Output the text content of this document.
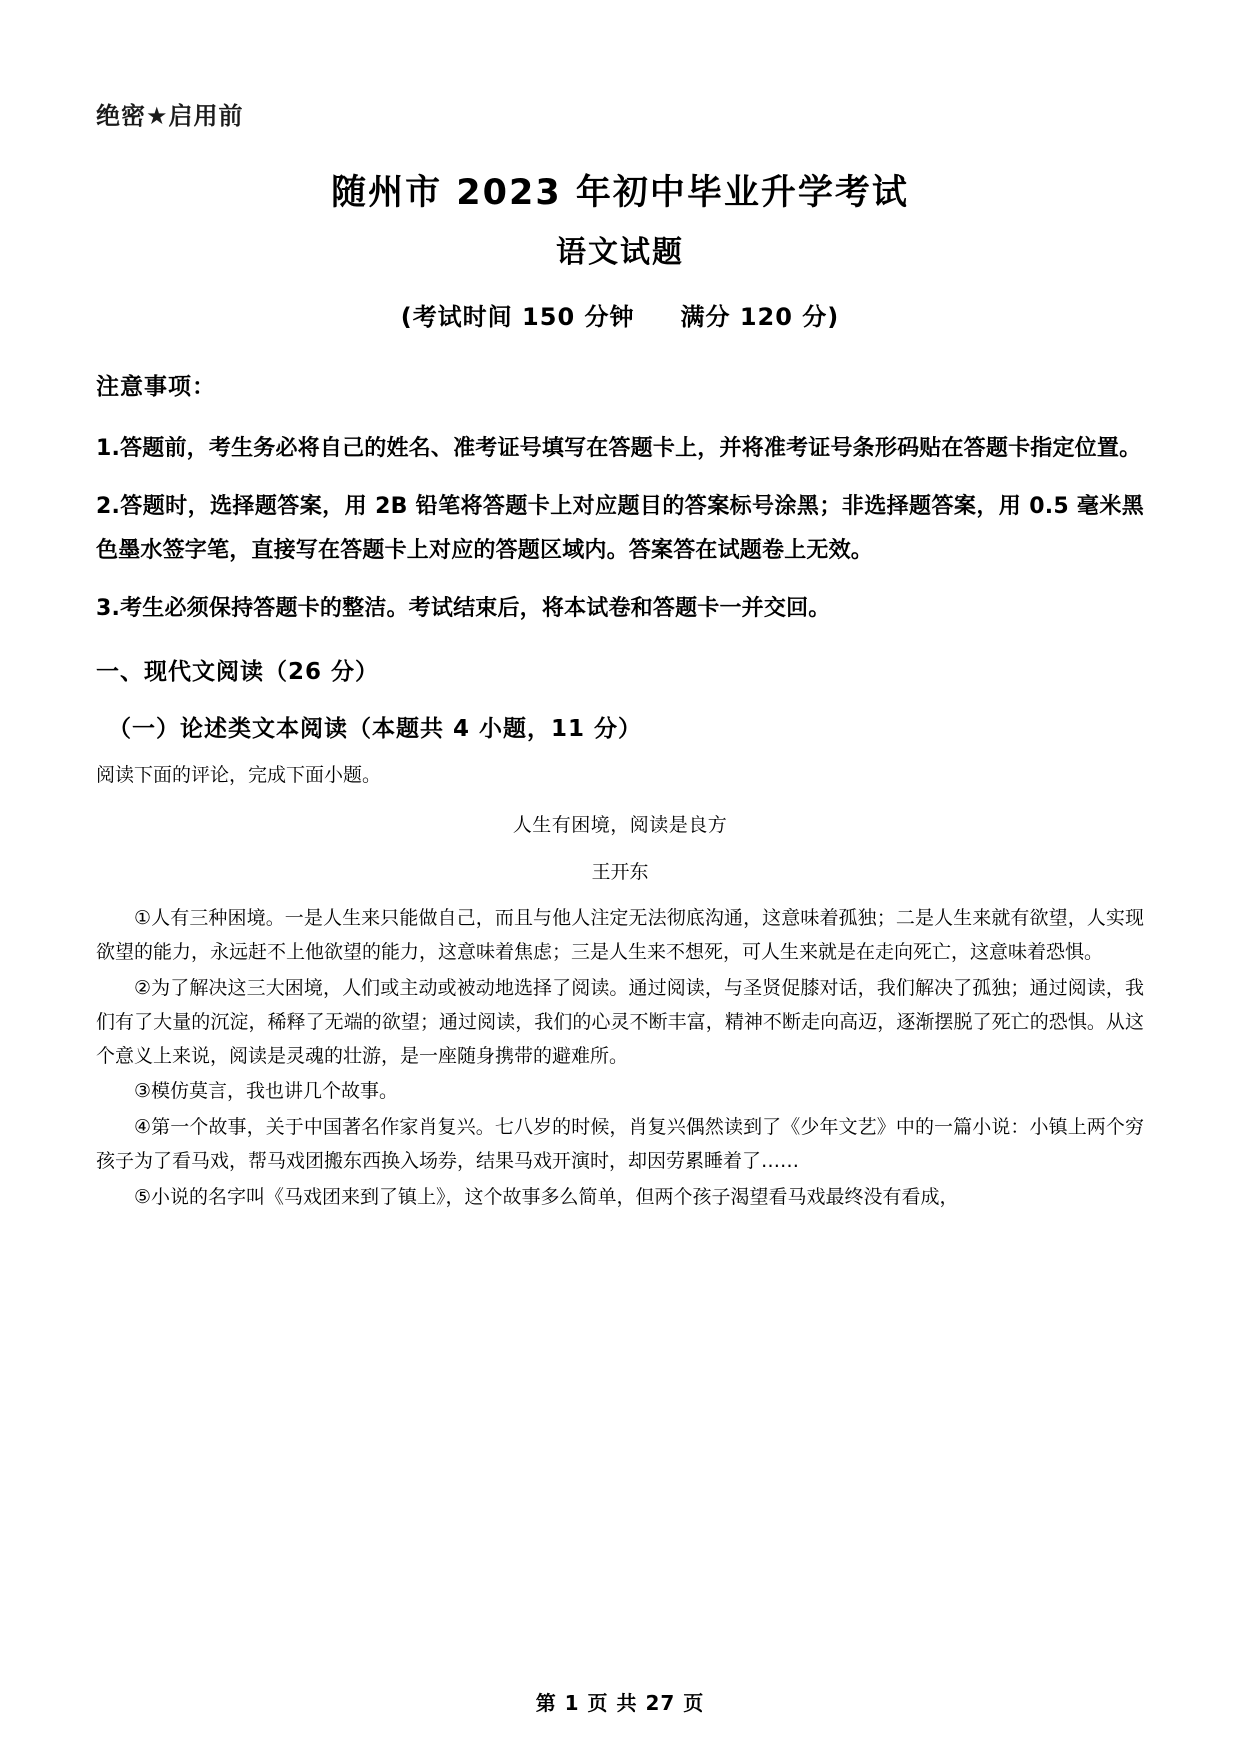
绝密★启用前
随州市 2023 年初中毕业升学考试
语文试题
(考试时间 150 分钟 满分 120 分)
注意事项：

1.答题前，考生务必将自己的姓名、准考证号填写在答题卡上，并将准考证号条形码贴在答题卡指定位置。

2.答题时，选择题答案，用 2B 铅笔将答题卡上对应题目的答案标号涂黑；非选择题答案，用 0.5 毫米黑色墨水签字笔，直接写在答题卡上对应的答题区域内。答案答在试题卷上无效。

3.考生必须保持答题卡的整洁。考试结束后，将本试卷和答题卡一并交回。

一、现代文阅读（26 分）
（一）论述类文本阅读（本题共 4 小题，11 分）

阅读下面的评论，完成下面小题。

人生有困境，阅读是良方

王开东

①人有三种困境。一是人生来只能做自己，而且与他人注定无法彻底沟通，这意味着孤独；二是人生来就有欲望，人实现欲望的能力，永远赶不上他欲望的能力，这意味着焦虑；三是人生来不想死，可人生来就是在走向死亡，这意味着恐惧。

②为了解决这三大困境，人们或主动或被动地选择了阅读。通过阅读，与圣贤促膝对话，我们解决了孤独；通过阅读，我们有了大量的沉淀，稀释了无端的欲望；通过阅读，我们的心灵不断丰富，精神不断走向高迈，逐渐摆脱了死亡的恐惧。从这个意义上来说，阅读是灵魂的壮游，是一座随身携带的避难所。

③模仿莫言，我也讲几个故事。

④第一个故事，关于中国著名作家肖复兴。七八岁的时候，肖复兴偶然读到了《少年文艺》中的一篇小说：小镇上两个穷孩子为了看马戏，帮马戏团搬东西换入场券，结果马戏开演时，却因劳累睡着了……

⑤小说的名字叫《马戏团来到了镇上》，这个故事多么简单，但两个孩子渴望看马戏最终没有看成，

第 1 页 共 27 页
